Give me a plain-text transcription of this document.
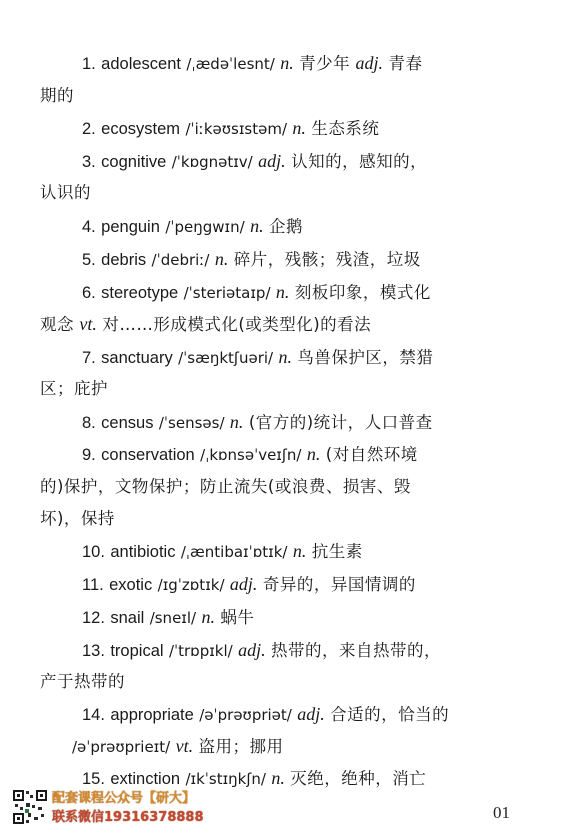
1. adolescent /ˌædəˈlesnt/ n. 青少年 adj. 青春
期的
2. ecosystem /ˈiːkəʊsɪstəm/ n. 生态系统
3. cognitive /ˈkɒgnətɪv/ adj. 认知的，感知的，
认识的
4. penguin /ˈpeŋgwɪn/ n. 企鹅
5. debris /ˈdebriː/ n. 碎片，残骸；残渣，垃圾
6. stereotype /ˈsteriətaɪp/ n. 刻板印象，模式化
观念 vt. 对……形成模式化(或类型化)的看法
7. sanctuary /ˈsæŋktʃuəri/ n. 鸟兽保护区，禁猎
区；庇护
8. census /ˈsensəs/ n. (官方的)统计，人口普查
9. conservation /ˌkɒnsəˈveɪʃn/ n. (对自然环境
的)保护，文物保护；防止流失(或浪费、损害、毁
坏)，保持
10. antibiotic /ˌæntibaɪˈɒtɪk/ n. 抗生素
11. exotic /ɪgˈzɒtɪk/ adj. 奇异的，异国情调的
12. snail /sneɪl/ n. 蜗牛
13. tropical /ˈtrɒpɪkl/ adj. 热带的，来自热带的，
产于热带的
14. appropriate /əˈprəʊpriət/ adj. 合适的，恰当的
/əˈprəʊprieɪt/ vt. 盗用；挪用
15. extinction /ɪkˈstɪŋkʃn/ n. 灭绝，绝种，消亡
配套课程公众号【研大】
联系微信19316378888	01
